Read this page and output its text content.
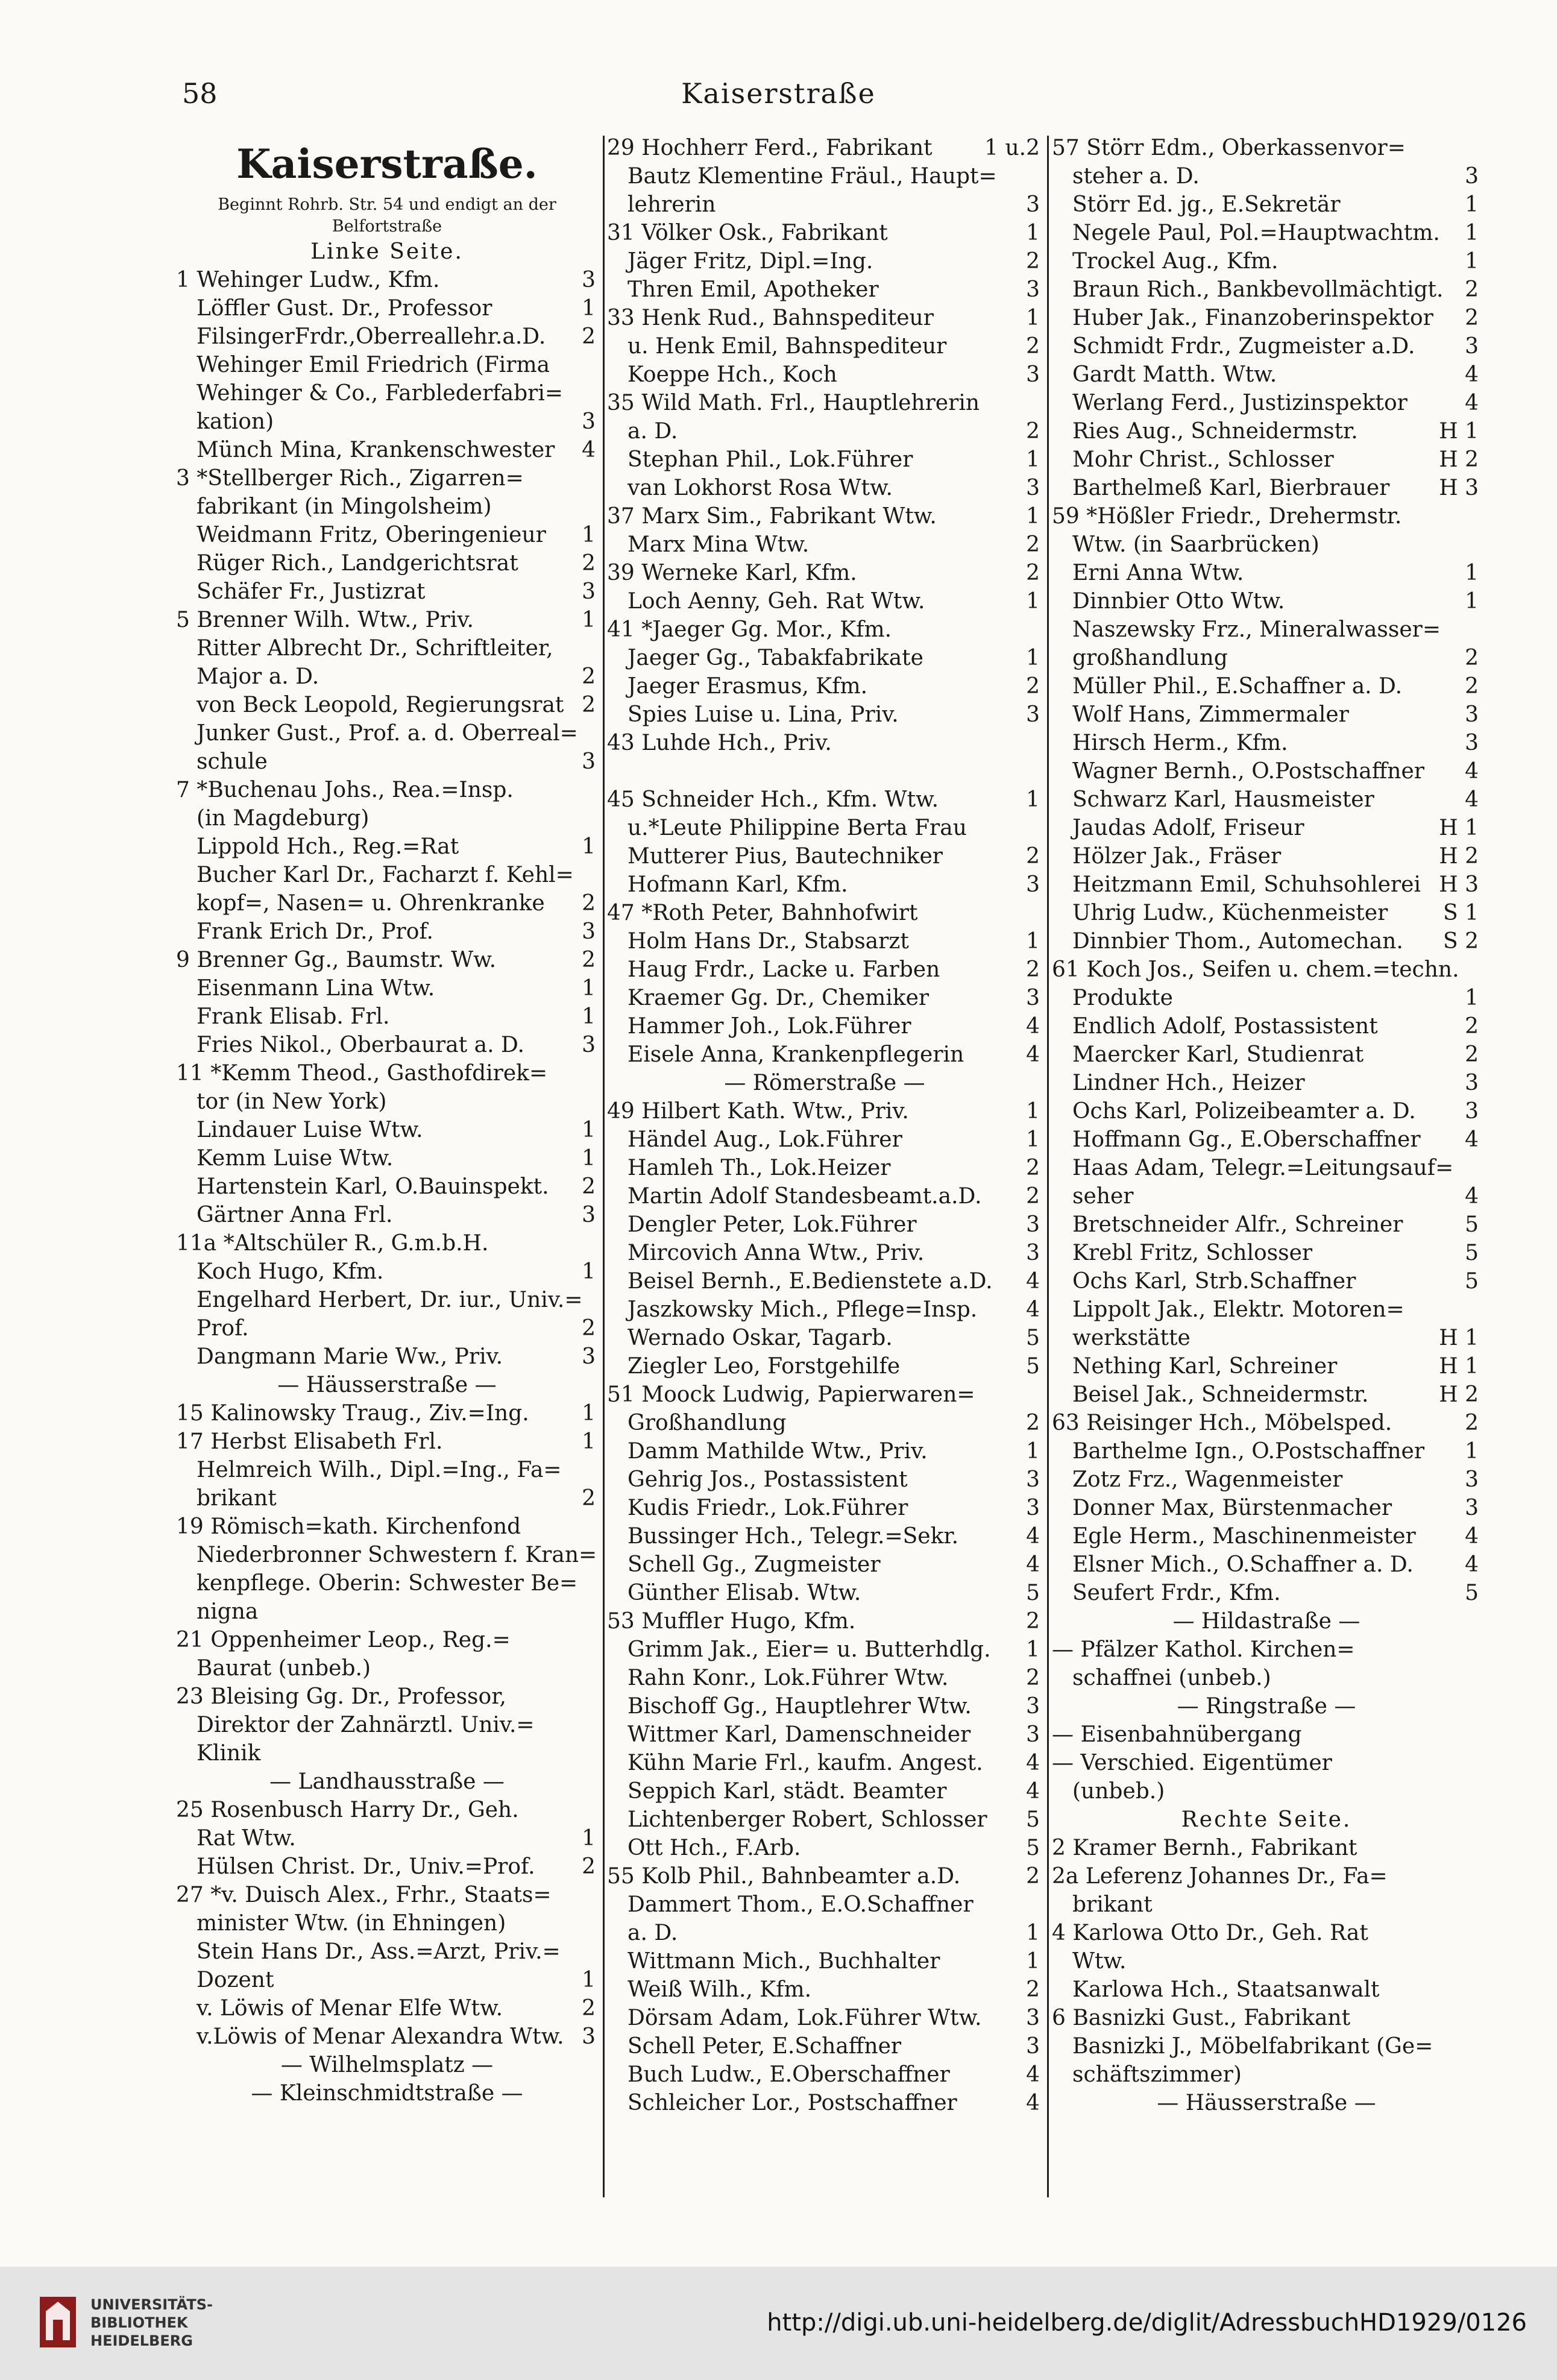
58	Kaiserstraße
Kaiserstraße.
Beginnt Rohrb. Str. 54 und endigt an der
Belfortstraße
Linke Seite.
1 Wehinger Ludw., Kfm.	3
Löffler Gust. Dr., Professor	1
FilsingerFrdr.,Oberreallehr.a.D. 2
Wehinger Emil Friedrich (Firma
Wehinger & Co., Farblederfabri=
kation)	3
Münch Mina, Krankenschwester 4
3 *Stellberger Rich., Zigarren=
fabrikant (in Mingolsheim)
Weidmann Fritz, Oberingenieur 1
Rüger Rich., Landgerichtsrat	2
Schäfer Fr., Justizrat	3
5 Brenner Wilh. Wtw., Priv.	1
Ritter Albrecht Dr., Schriftleiter,
Major a. D.	2
von Beck Leopold, Regierungsrat 2
Junker Gust., Prof. a. d. Oberreal=
schule	3
7 *Buchenau Johs., Rea.=Insp.
(in Magdeburg)
Lippold Hch., Reg.=Rat	1
Bucher Karl Dr., Facharzt f. Kehl=
kopf=, Nasen= u. Ohrenkranke 2
Frank Erich Dr., Prof.	3
9 Brenner Gg., Baumstr. Ww.	2
Eisenmann Lina Wtw.	1
Frank Elisab. Frl.	1
Fries Nikol., Oberbaurat a. D.	3
11 *Kemm Theod., Gasthofdirek=
tor (in New York)
Lindauer Luise Wtw.	1
Kemm Luise Wtw.	1
Hartenstein Karl, O.Bauinspekt. 2
Gärtner Anna Frl.	3
11a *Altschüler R., G.m.b.H.
Koch Hugo, Kfm.	1
Engelhard Herbert, Dr. iur., Univ.=
Prof.	2
Dangmann Marie Ww., Priv.	3
— Häusserstraße —
15 Kalinowsky Traug., Ziv.=Ing. 1
17 Herbst Elisabeth Frl.	1
Helmreich Wilh., Dipl.=Ing., Fa=
brikant	2
19 Römisch=kath. Kirchenfond
Niederbronner Schwestern f. Kran=
kenpflege. Oberin: Schwester Be=
nigna
21 Oppenheimer Leop., Reg.=
Baurat (unbeb.)
23 Bleising Gg. Dr., Professor,
Direktor der Zahnärztl. Univ.=
Klinik
— Landhausstraße —
25 Rosenbusch Harry Dr., Geh.
Rat Wtw.	1
Hülsen Christ. Dr., Univ.=Prof. 2
27 *v. Duisch Alex., Frhr., Staats=
minister Wtw. (in Ehningen)
Stein Hans Dr., Ass.=Arzt, Priv.=
Dozent	1
v. Löwis of Menar Elfe Wtw.	2
v.Löwis of Menar Alexandra Wtw. 3
— Wilhelmsplatz —
— Kleinschmidtstraße —
29 Hochherr Ferd., Fabrikant 1 u.2
Bautz Klementine Fräul., Haupt=
lehrerin	3
31 Völker Osk., Fabrikant	1
Jäger Fritz, Dipl.=Ing.	2
Thren Emil, Apotheker	3
33 Henk Rud., Bahnspediteur	1
u. Henk Emil, Bahnspediteur	2
Koeppe Hch., Koch	3
35 Wild Math. Frl., Hauptlehrerin
a. D.	2
Stephan Phil., Lok.Führer	1
van Lokhorst Rosa Wtw.	3
37 Marx Sim., Fabrikant Wtw.	1
Marx Mina Wtw.	2
39 Werneke Karl, Kfm.	2
Loch Aenny, Geh. Rat Wtw.	1
41 *Jaeger Gg. Mor., Kfm.
Jaeger Gg., Tabakfabrikate	1
Jaeger Erasmus, Kfm.	2
Spies Luise u. Lina, Priv.	3
43 Luhde Hch., Priv.
45 Schneider Hch., Kfm. Wtw.	1
u.*Leute Philippine Berta Frau
Mutterer Pius, Bautechniker	2
Hofmann Karl, Kfm.	3
47 *Roth Peter, Bahnhofwirt
Holm Hans Dr., Stabsarzt	1
Haug Frdr., Lacke u. Farben	2
Kraemer Gg. Dr., Chemiker	3
Hammer Joh., Lok.Führer	4
Eisele Anna, Krankenpflegerin	4
— Römerstraße —
49 Hilbert Kath. Wtw., Priv.	1
Händel Aug., Lok.Führer	1
Hamleh Th., Lok.Heizer	2
Martin Adolf Standesbeamt.a.D. 2
Dengler Peter, Lok.Führer	3
Mircovich Anna Wtw., Priv.	3
Beisel Bernh., E.Bedienstete a.D. 4
Jaszkowsky Mich., Pflege=Insp. 4
Wernado Oskar, Tagarb.	5
Ziegler Leo, Forstgehilfe	5
51 Moock Ludwig, Papierwaren=
Großhandlung	2
Damm Mathilde Wtw., Priv.	1
Gehrig Jos., Postassistent	3
Kudis Friedr., Lok.Führer	3
Bussinger Hch., Telegr.=Sekr.	4
Schell Gg., Zugmeister	4
Günther Elisab. Wtw.	5
53 Muffler Hugo, Kfm.	2
Grimm Jak., Eier= u. Butterhdlg. 1
Rahn Konr., Lok.Führer Wtw.	2
Bischoff Gg., Hauptlehrer Wtw.	3
Wittmer Karl, Damenschneider	3
Kühn Marie Frl., kaufm. Angest. 4
Seppich Karl, städt. Beamter	4
Lichtenberger Robert, Schlosser 5
Ott Hch., F.Arb.	5
55 Kolb Phil., Bahnbeamter a.D.	2
Dammert Thom., E.O.Schaffner
a. D.	1
Wittmann Mich., Buchhalter	1
Weiß Wilh., Kfm.	2
Dörsam Adam, Lok.Führer Wtw. 3
Schell Peter, E.Schaffner	3
Buch Ludw., E.Oberschaffner	4
Schleicher Lor., Postschaffner	4
57 Störr Edm., Oberkassenvor=
steher a. D.	3
Störr Ed. jg., E.Sekretär	1
Negele Paul, Pol.=Hauptwachtm. 1
Trockel Aug., Kfm.	1
Braun Rich., Bankbevollmächtigt. 2
Huber Jak., Finanzoberinspektor 2
Schmidt Frdr., Zugmeister a.D. 3
Gardt Matth. Wtw.	4
Werlang Ferd., Justizinspektor	4
Ries Aug., Schneidermstr.	H 1
Mohr Christ., Schlosser	H 2
Barthelmeß Karl, Bierbrauer H 3
59 *Hößler Friedr., Drehermstr.
Wtw. (in Saarbrücken)
Erni Anna Wtw.	1
Dinnbier Otto Wtw.	1
Naszewsky Frz., Mineralwasser=
großhandlung	2
Müller Phil., E.Schaffner a. D.	2
Wolf Hans, Zimmermaler	3
Hirsch Herm., Kfm.	3
Wagner Bernh., O.Postschaffner 4
Schwarz Karl, Hausmeister	4
Jaudas Adolf, Friseur	H 1
Hölzer Jak., Fräser	H 2
Heitzmann Emil, Schuhsohlerei H 3
Uhrig Ludw., Küchenmeister	S 1
Dinnbier Thom., Automechan. S 2
61 Koch Jos., Seifen u. chem.=techn.
Produkte	1
Endlich Adolf, Postassistent	2
Maercker Karl, Studienrat	2
Lindner Hch., Heizer	3
Ochs Karl, Polizeibeamter a. D. 3
Hoffmann Gg., E.Oberschaffner 4
Haas Adam, Telegr.=Leitungsauf=
seher	4
Bretschneider Alfr., Schreiner	5
Krebl Fritz, Schlosser	5
Ochs Karl, Strb.Schaffner	5
Lippolt Jak., Elektr. Motoren=
werkstätte	H 1
Nething Karl, Schreiner	H 1
Beisel Jak., Schneidermstr.	H 2
63 Reisinger Hch., Möbelsped.	2
Barthelme Ign., O.Postschaffner 1
Zotz Frz., Wagenmeister	3
Donner Max, Bürstenmacher	3
Egle Herm., Maschinenmeister 4
Elsner Mich., O.Schaffner a. D. 4
Seufert Frdr., Kfm.	5
— Hildastraße —
— Pfälzer Kathol. Kirchen=
schaffnei (unbeb.)
— Ringstraße —
— Eisenbahnübergang
— Verschied. Eigentümer
(unbeb.)
Rechte Seite.
2 Kramer Bernh., Fabrikant
2a Leferenz Johannes Dr., Fa=
brikant
4 Karlowa Otto Dr., Geh. Rat
Wtw.
Karlowa Hch., Staatsanwalt
6 Basnizki Gust., Fabrikant
Basnizki J., Möbelfabrikant (Ge=
schäftszimmer)
— Häusserstraße —
UNIVERSITÄTS-
BIBLIOTHEK
HEIDELBERG
http://digi.ub.uni-heidelberg.de/diglit/AdressbuchHD1929/0126
